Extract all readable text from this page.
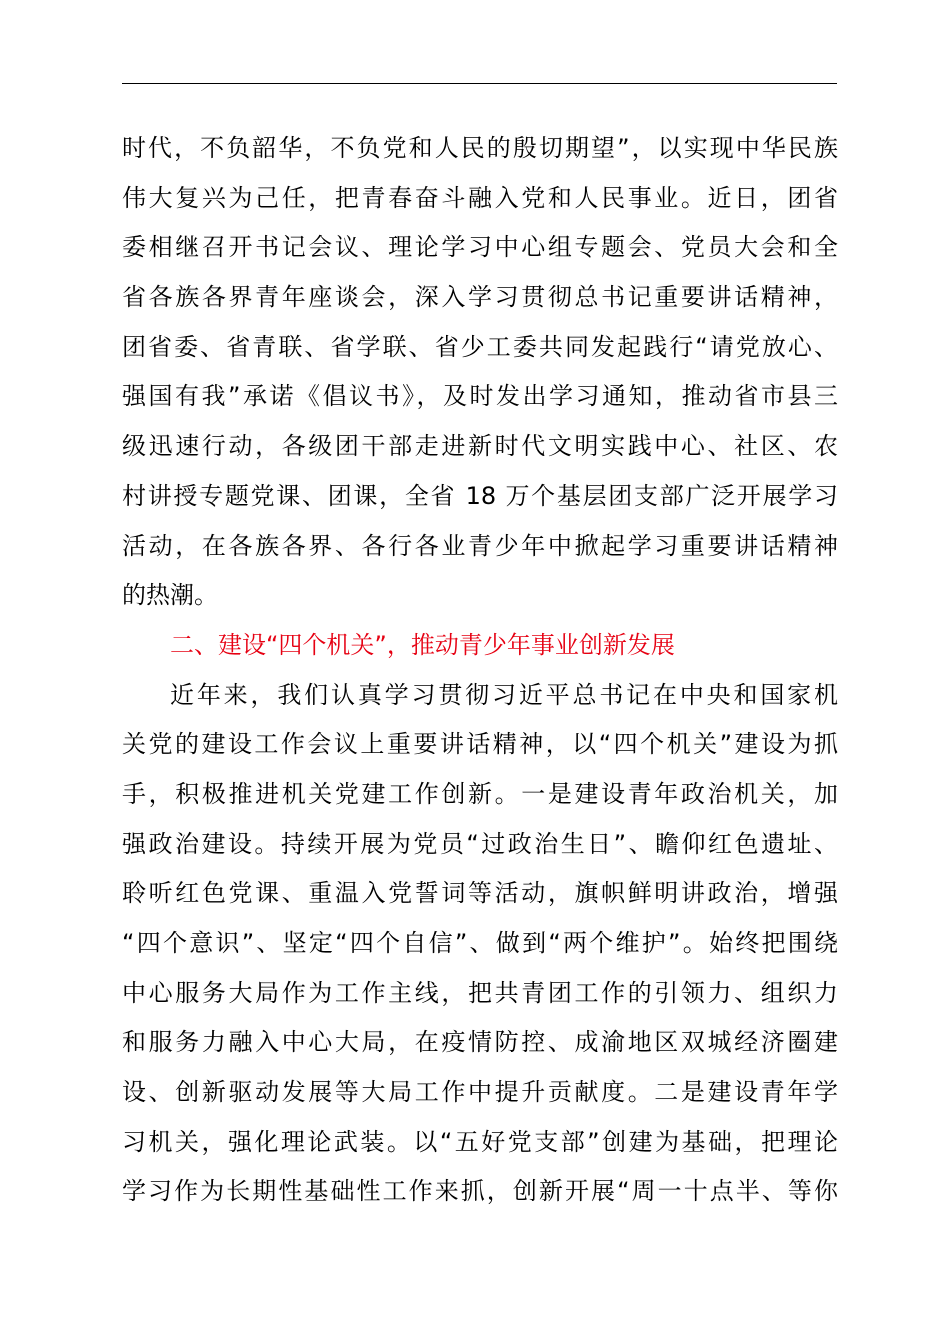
时代，不负韶华，不负党和人民的殷切期望”，以实现中华民族
伟大复兴为己任，把青春奋斗融入党和人民事业。近日，团省
委相继召开书记会议、理论学习中心组专题会、党员大会和全
省各族各界青年座谈会，深入学习贯彻总书记重要讲话精神，
团省委、省青联、省学联、省少工委共同发起践行“请党放心、
强国有我”承诺《倡议书》，及时发出学习通知，推动省市县三
级迅速行动，各级团干部走进新时代文明实践中心、社区、农
村讲授专题党课、团课，全省 18 万个基层团支部广泛开展学习
活动，在各族各界、各行各业青少年中掀起学习重要讲话精神
的热潮。
二、建设“四个机关”，推动青少年事业创新发展
近年来，我们认真学习贯彻习近平总书记在中央和国家机
关党的建设工作会议上重要讲话精神，以“四个机关”建设为抓
手，积极推进机关党建工作创新。一是建设青年政治机关，加
强政治建设。持续开展为党员“过政治生日”、瞻仰红色遗址、
聆听红色党课、重温入党誓词等活动，旗帜鲜明讲政治，增强
“四个意识”、坚定“四个自信”、做到“两个维护”。始终把围绕
中心服务大局作为工作主线，把共青团工作的引领力、组织力
和服务力融入中心大局，在疫情防控、成渝地区双城经济圈建
设、创新驱动发展等大局工作中提升贡献度。二是建设青年学
习机关，强化理论武装。以“五好党支部”创建为基础，把理论
学习作为长期性基础性工作来抓，创新开展“周一十点半、等你
